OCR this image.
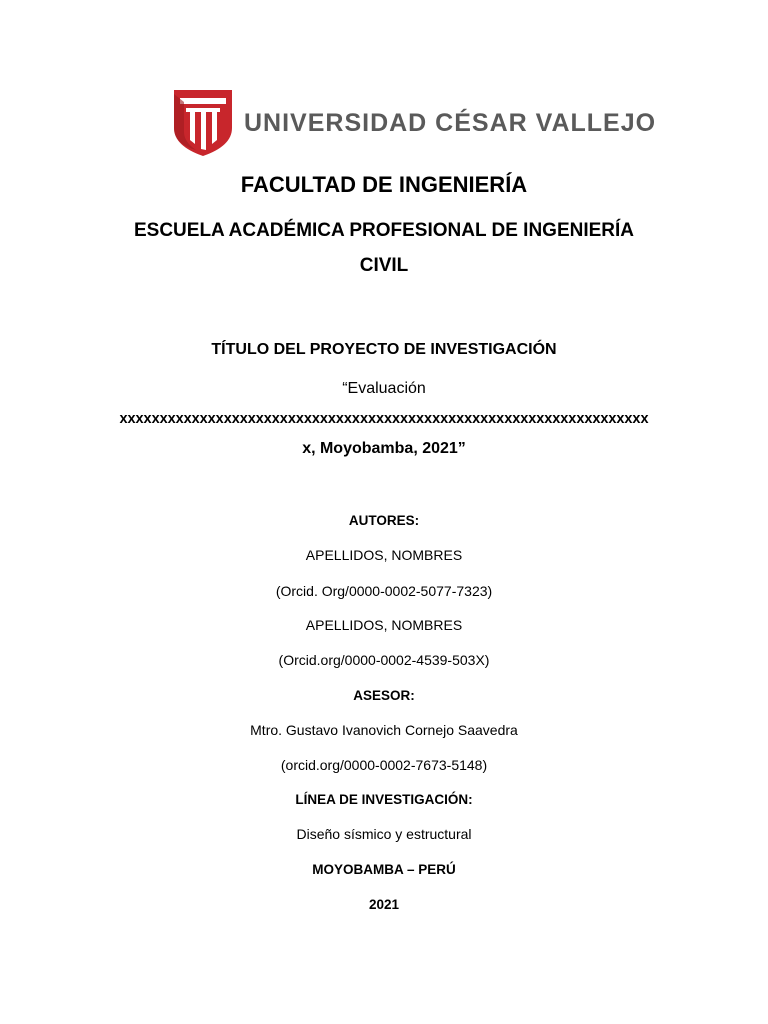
UNIVERSIDAD CÉSAR VALLEJO
FACULTAD DE INGENIERÍA
ESCUELA ACADÉMICA PROFESIONAL DE INGENIERÍA
CIVIL
TÍTULO DEL PROYECTO DE INVESTIGACIÓN
“Evaluación
xxxxxxxxxxxxxxxxxxxxxxxxxxxxxxxxxxxxxxxxxxxxxxxxxxxxxxxxxxxxxxxxxx
x, Moyobamba, 2021”
AUTORES:
APELLIDOS, NOMBRES
(Orcid. Org/0000-0002-5077-7323)
APELLIDOS, NOMBRES
(Orcid.org/0000-0002-4539-503X)
ASESOR:
Mtro. Gustavo Ivanovich Cornejo Saavedra
(orcid.org/0000-0002-7673-5148)
LÍNEA DE INVESTIGACIÓN:
Diseño sísmico y estructural
MOYOBAMBA – PERÚ
2021
